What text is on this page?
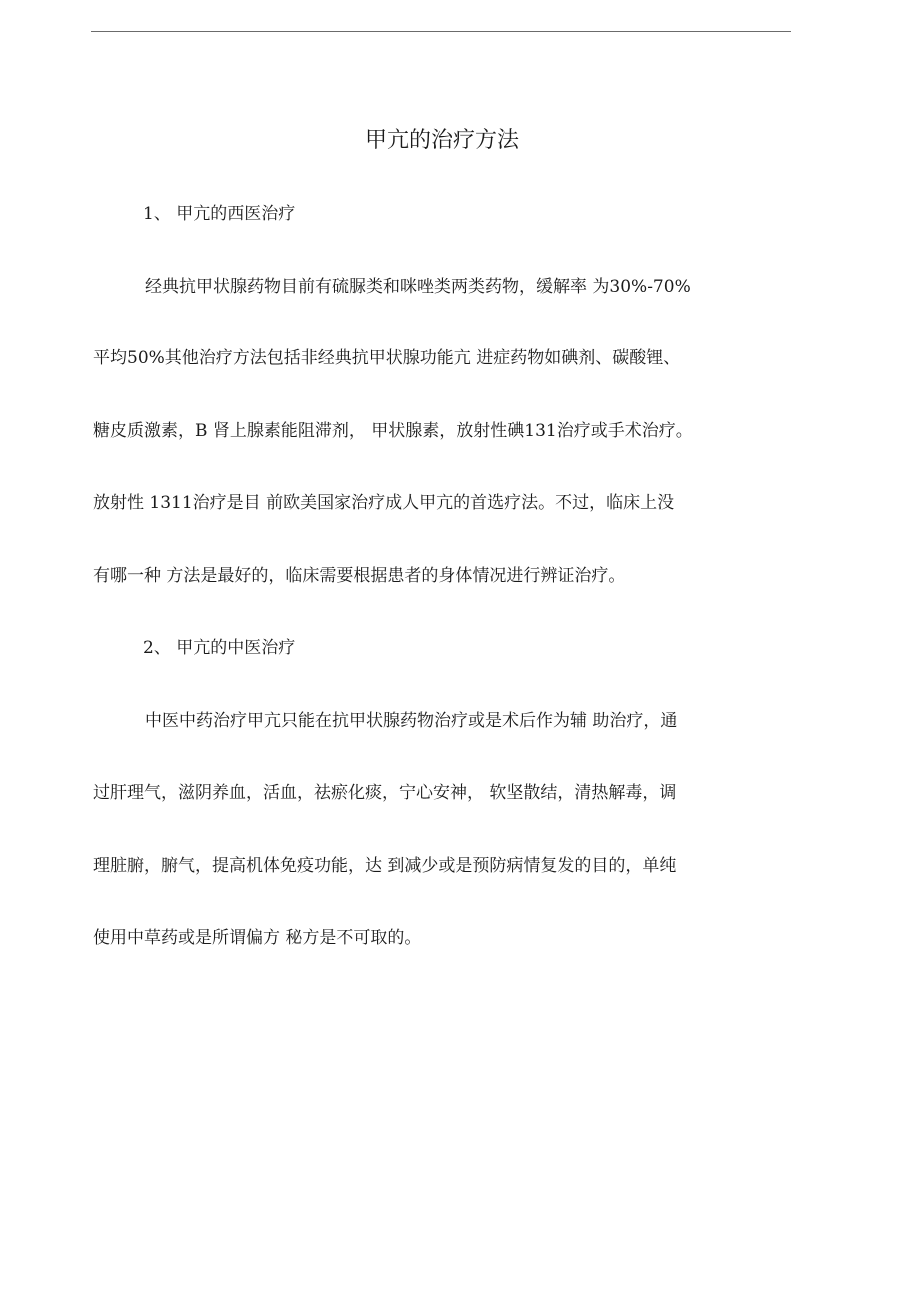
甲亢的治疗方法
1、 甲亢的西医治疗
经典抗甲状腺药物目前有硫脲类和咪唑类两类药物，缓解率 为30%-70%
平均50%其他治疗方法包括非经典抗甲状腺功能亢 进症药物如碘剂、碳酸锂、
糖皮质激素，B 肾上腺素能阻滞剂， 甲状腺素，放射性碘131治疗或手术治疗。
放射性 1311治疗是目 前欧美国家治疗成人甲亢的首选疗法。不过，临床上没
有哪一种 方法是最好的，临床需要根据患者的身体情况进行辨证治疗。
2、 甲亢的中医治疗
中医中药治疗甲亢只能在抗甲状腺药物治疗或是术后作为辅 助治疗，通
过肝理气，滋阴养血，活血，祛瘀化痰，宁心安神， 软坚散结，清热解毒，调
理脏腑，腑气，提高机体免疫功能，达 到减少或是预防病情复发的目的，单纯
使用中草药或是所谓偏方 秘方是不可取的。
